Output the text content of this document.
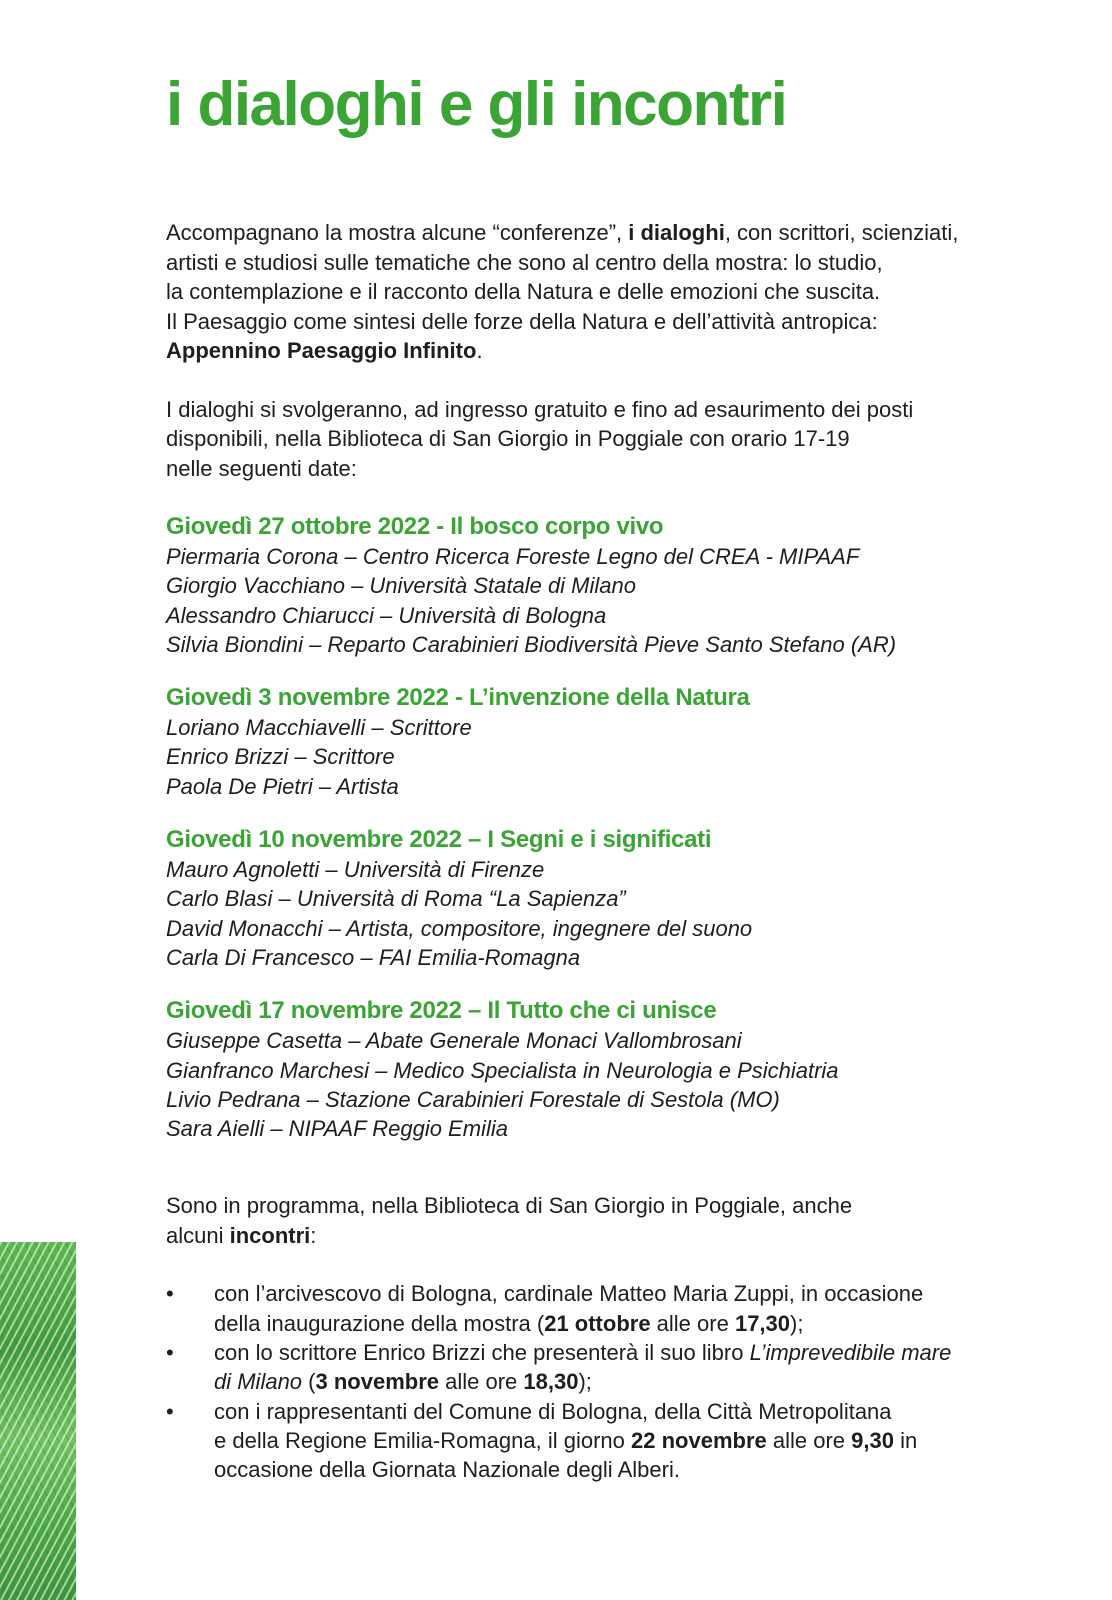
i dialoghi e gli incontri

Accompagnano la mostra alcune “conferenze”, i dialoghi, con scrittori, scienziati,
artisti e studiosi sulle tematiche che sono al centro della mostra: lo studio,
la contemplazione e il racconto della Natura e delle emozioni che suscita.
Il Paesaggio come sintesi delle forze della Natura e dell’attività antropica:
Appennino Paesaggio Infinito.

I dialoghi si svolgeranno, ad ingresso gratuito e fino ad esaurimento dei posti
disponibili, nella Biblioteca di San Giorgio in Poggiale con orario 17-19
nelle seguenti date:

Giovedì 27 ottobre 2022 - Il bosco corpo vivo
Piermaria Corona – Centro Ricerca Foreste Legno del CREA - MIPAAF
Giorgio Vacchiano – Università Statale di Milano
Alessandro Chiarucci – Università di Bologna
Silvia Biondini – Reparto Carabinieri Biodiversità Pieve Santo Stefano (AR)
Giovedì 3 novembre 2022 - L’invenzione della Natura
Loriano Macchiavelli – Scrittore
Enrico Brizzi – Scrittore
Paola De Pietri – Artista
Giovedì 10 novembre 2022 – I Segni e i significati
Mauro Agnoletti – Università di Firenze
Carlo Blasi – Università di Roma “La Sapienza”
David Monacchi – Artista, compositore, ingegnere del suono
Carla Di Francesco – FAI Emilia-Romagna
Giovedì 17 novembre 2022 – Il Tutto che ci unisce
Giuseppe Casetta – Abate Generale Monaci Vallombrosani
Gianfranco Marchesi – Medico Specialista in Neurologia e Psichiatria
Livio Pedrana – Stazione Carabinieri Forestale di Sestola (MO)
Sara Aielli – NIPAAF Reggio Emilia
Sono in programma, nella Biblioteca di San Giorgio in Poggiale, anche
alcuni incontri:
• con l’arcivescovo di Bologna, cardinale Matteo Maria Zuppi, in occasione
della inaugurazione della mostra (21 ottobre alle ore 17,30);
• con lo scrittore Enrico Brizzi che presenterà il suo libro L’imprevedibile mare
di Milano (3 novembre alle ore 18,30);
• con i rappresentanti del Comune di Bologna, della Città Metropolitana
e della Regione Emilia-Romagna, il giorno 22 novembre alle ore 9,30 in
occasione della Giornata Nazionale degli Alberi.
